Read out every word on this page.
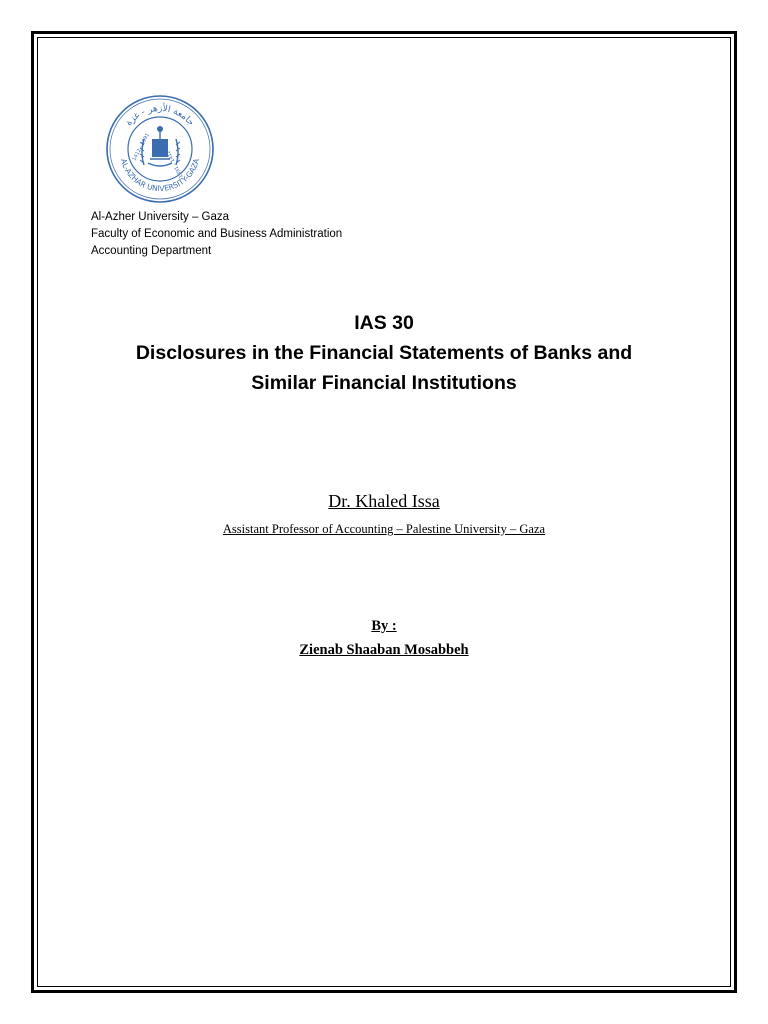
جامعة الأزهر - غزة
AL-AZHAR UNIVERSITY-GAZA
1412 - 1991
1991 - 1412
Al-Azher University – Gaza
Faculty of Economic and Business Administration
Accounting Department
IAS 30
Disclosures in the Financial Statements of Banks and
Similar Financial Institutions
Dr. Khaled Issa
Assistant Professor of Accounting – Palestine University – Gaza
By :
Zienab Shaaban Mosabbeh
